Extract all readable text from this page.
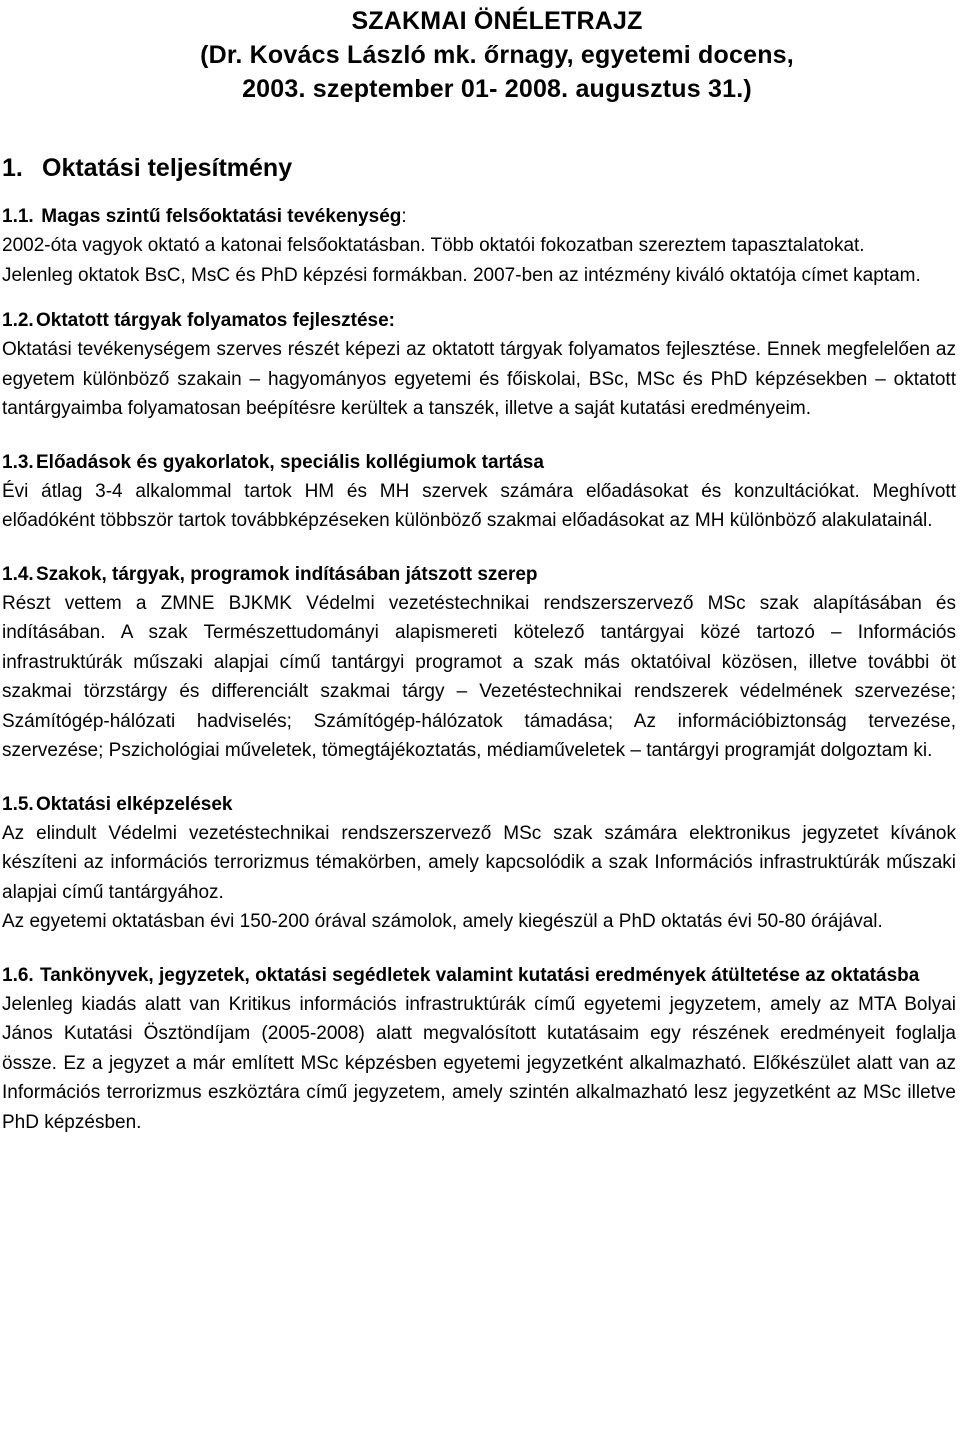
SZAKMAI ÖNÉLETRAJZ
(Dr. Kovács László mk. őrnagy, egyetemi docens,
2003. szeptember 01- 2008. augusztus 31.)
1. Oktatási teljesítmény
1.1. Magas szintű felsőoktatási tevékenység:

2002-óta vagyok oktató a katonai felsőoktatásban. Több oktatói fokozatban szereztem tapasztalatokat.

Jelenleg oktatok BsC, MsC és PhD képzési formákban. 2007-ben az intézmény kiváló oktatója címet kaptam.

1.2. Oktatott tárgyak folyamatos fejlesztése:

Oktatási tevékenységem szerves részét képezi az oktatott tárgyak folyamatos fejlesztése. Ennek megfelelően az egyetem különböző szakain – hagyományos egyetemi és főiskolai, BSc, MSc és PhD képzésekben – oktatott tantárgyaimba folyamatosan beépítésre kerültek a tanszék, illetve a saját kutatási eredményeim.

1.3. Előadások és gyakorlatok, speciális kollégiumok tartása

Évi átlag 3-4 alkalommal tartok HM és MH szervek számára előadásokat és konzultációkat. Meghívott előadóként többször tartok továbbképzéseken különböző szakmai előadásokat az MH különböző alakulatainál.

1.4. Szakok, tárgyak, programok indításában játszott szerep

Részt vettem a ZMNE BJKMK Védelmi vezetéstechnikai rendszerszervező MSc szak alapításában és indításában. A szak Természettudományi alapismereti kötelező tantárgyai közé tartozó – Információs infrastruktúrák műszaki alapjai című tantárgyi programot a szak más oktatóival közösen, illetve további öt szakmai törzstárgy és differenciált szakmai tárgy – Vezetéstechnikai rendszerek védelmének szervezése; Számítógép-hálózati hadviselés; Számítógép-hálózatok támadása; Az információbiztonság tervezése, szervezése; Pszichológiai műveletek, tömegtájékoztatás, médiaműveletek – tantárgyi programját dolgoztam ki.

1.5. Oktatási elképzelések

Az elindult Védelmi vezetéstechnikai rendszerszervező MSc szak számára elektronikus jegyzetet kívánok készíteni az információs terrorizmus témakörben, amely kapcsolódik a szak Információs infrastruktúrák műszaki alapjai című tantárgyához.

Az egyetemi oktatásban évi 150-200 órával számolok, amely kiegészül a PhD oktatás évi 50-80 órájával.

1.6. Tankönyvek, jegyzetek, oktatási segédletek valamint kutatási eredmények átültetése az oktatásba

Jelenleg kiadás alatt van Kritikus információs infrastruktúrák című egyetemi jegyzetem, amely az MTA Bolyai János Kutatási Ösztöndíjam (2005-2008) alatt megvalósított kutatásaim egy részének eredményeit foglalja össze. Ez a jegyzet a már említett MSc képzésben egyetemi jegyzetként alkalmazható. Előkészület alatt van az Információs terrorizmus eszköztára című jegyzetem, amely szintén alkalmazható lesz jegyzetként az MSc illetve PhD képzésben.
